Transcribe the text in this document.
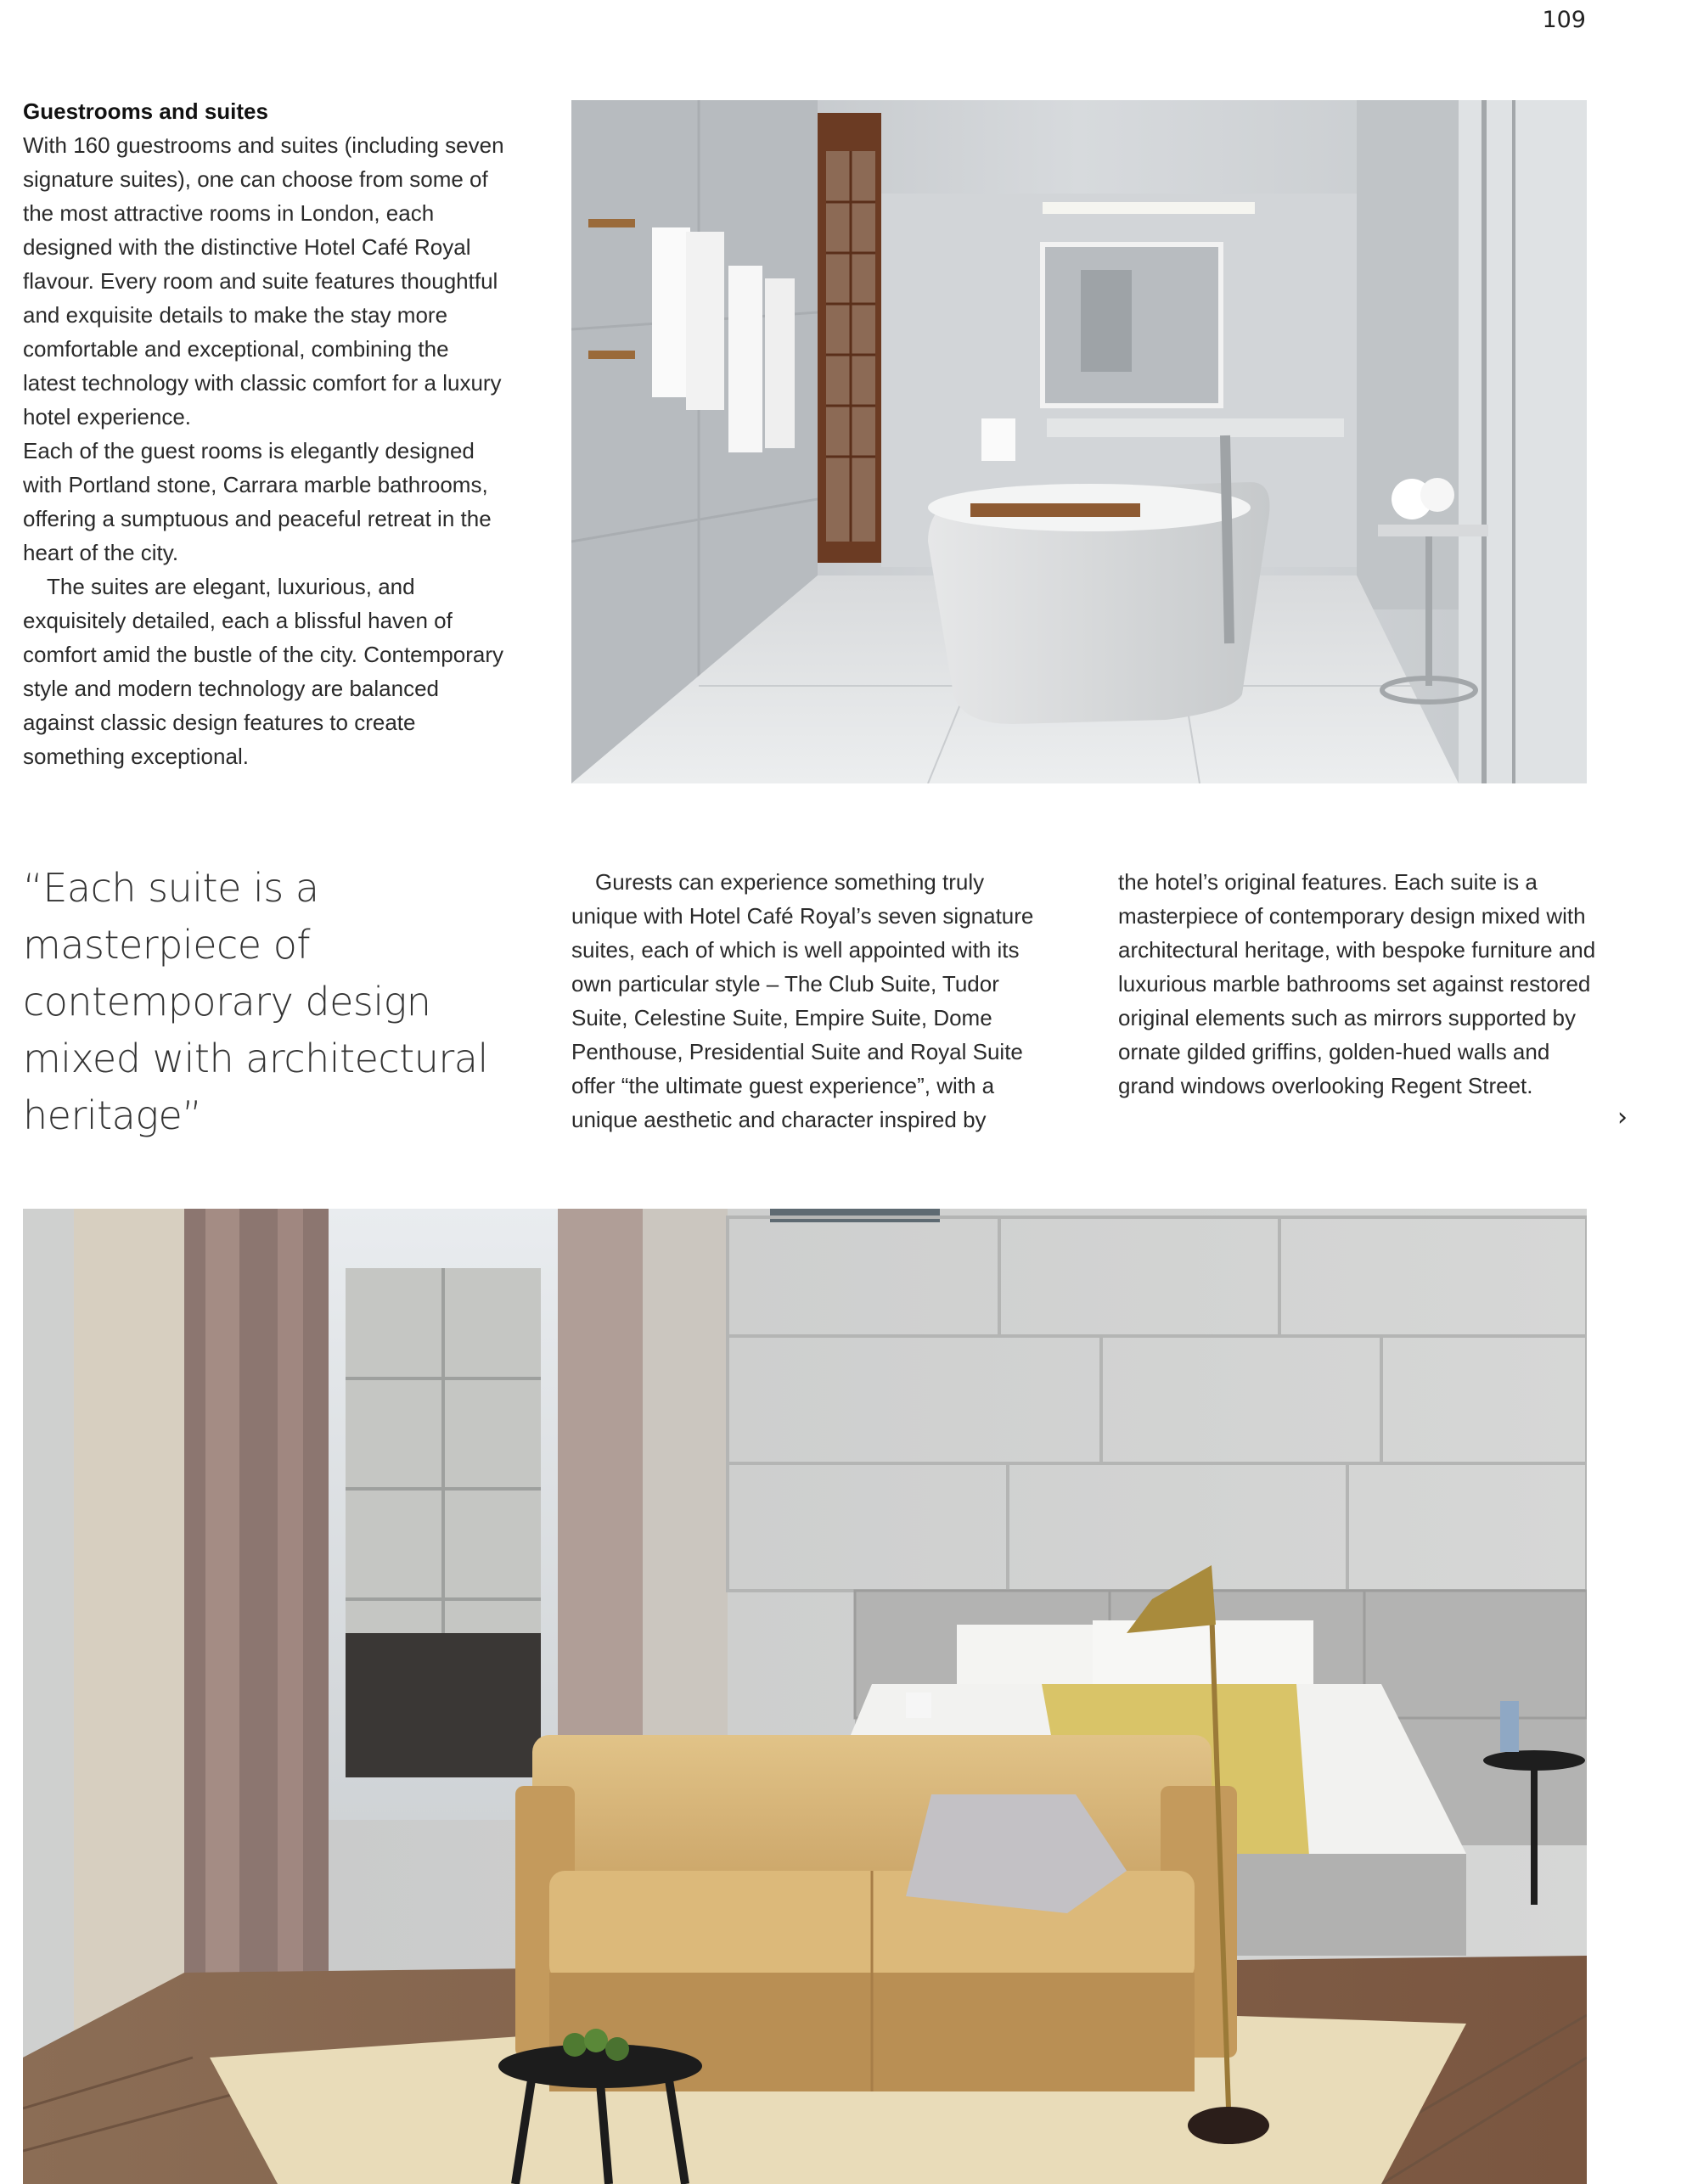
109

Guestrooms and suites

With 160 guestrooms and suites (including seven signature suites), one can choose from some of the most attractive rooms in London, each designed with the distinctive Hotel Café Royal flavour. Every room and suite features thoughtful and exquisite details to make the stay more comfortable and exceptional, combining the latest technology with classic comfort for a luxury hotel experience.

Each of the guest rooms is elegantly designed with Portland stone, Carrara marble bathrooms, offering a sumptuous and peaceful retreat in the heart of the city.

The suites are elegant, luxurious, and exquisitely detailed, each a blissful haven of comfort amid the bustle of the city. Contemporary style and modern technology are balanced against classic design features to create something exceptional.

“Each suite is a masterpiece of contemporary design mixed with architectural heritage”

Gurests can experience something truly unique with Hotel Café Royal’s seven signature suites, each of which is well appointed with its own particular style – The Club Suite, Tudor Suite, Celestine Suite, Empire Suite, Dome Penthouse, Presidential Suite and Royal Suite offer “the ultimate guest experience”, with a unique aesthetic and character inspired by

the hotel’s original features. Each suite is a masterpiece of contemporary design mixed with architectural heritage, with bespoke furniture and luxurious marble bathrooms set against restored original elements such as mirrors supported by ornate gilded griffins, golden-hued walls and grand windows overlooking Regent Street.

›
